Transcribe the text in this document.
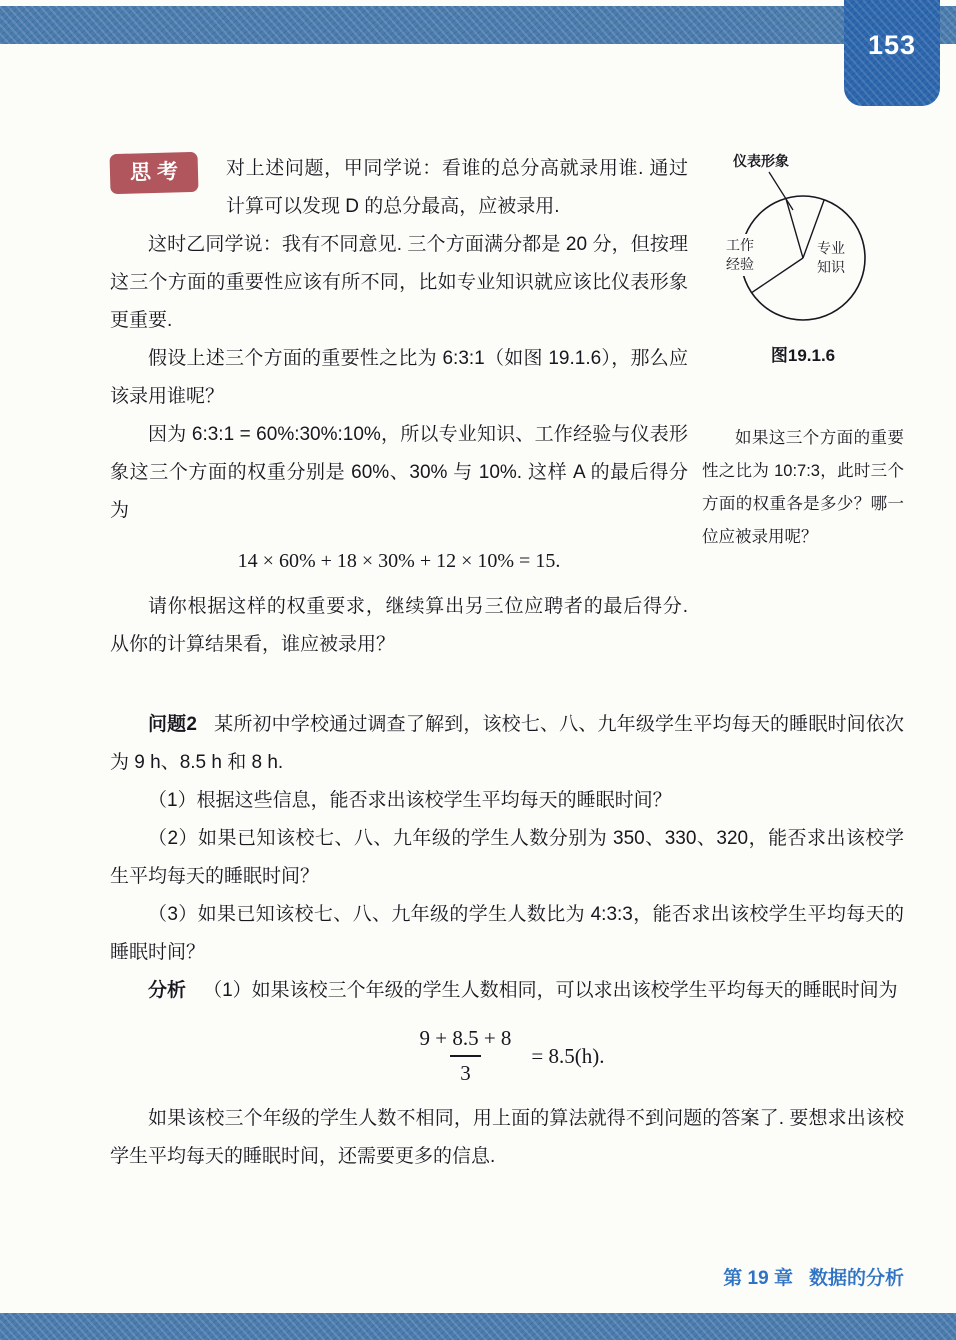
153

思考	对上述问题，甲同学说：看谁的总分高就录用谁. 通过计算可以发现 D 的总分最高，应被录用.

这时乙同学说：我有不同意见. 三个方面满分都是 20 分，但按理这三个方面的重要性应该有所不同，比如专业知识就应该比仪表形象更重要.

假设上述三个方面的重要性之比为 6:3:1（如图 19.1.6），那么应该录用谁呢？

因为 6:3:1 = 60%:30%:10%，所以专业知识、工作经验与仪表形象这三个方面的权重分别是 60%、30% 与 10%. 这样 A 的最后得分为

14 × 60% + 18 × 30% + 12 × 10% = 15.

请你根据这样的权重要求，继续算出另三位应聘者的最后得分. 从你的计算结果看，谁应被录用？

仪表形象
工作
经验
专业
知识
图19.1.6

如果这三个方面的重要性之比为 10:7:3，此时三个方面的权重各是多少？哪一位应被录用呢？

问题2 某所初中学校通过调查了解到，该校七、八、九年级学生平均每天的睡眠时间依次为 9 h、8.5 h 和 8 h.

（1）根据这些信息，能否求出该校学生平均每天的睡眠时间？

（2）如果已知该校七、八、九年级的学生人数分别为 350、330、320，能否求出该校学生平均每天的睡眠时间？

（3）如果已知该校七、八、九年级的学生人数比为 4:3:3，能否求出该校学生平均每天的睡眠时间？

分析 （1）如果该校三个年级的学生人数相同，可以求出该校学生平均每天的睡眠时间为

$\frac{9 + 8.5 + 8}{3} = 8.5(h)$.

如果该校三个年级的学生人数不相同，用上面的算法就得不到问题的答案了. 要想求出该校学生平均每天的睡眠时间，还需要更多的信息.

第 19 章 数据的分析
